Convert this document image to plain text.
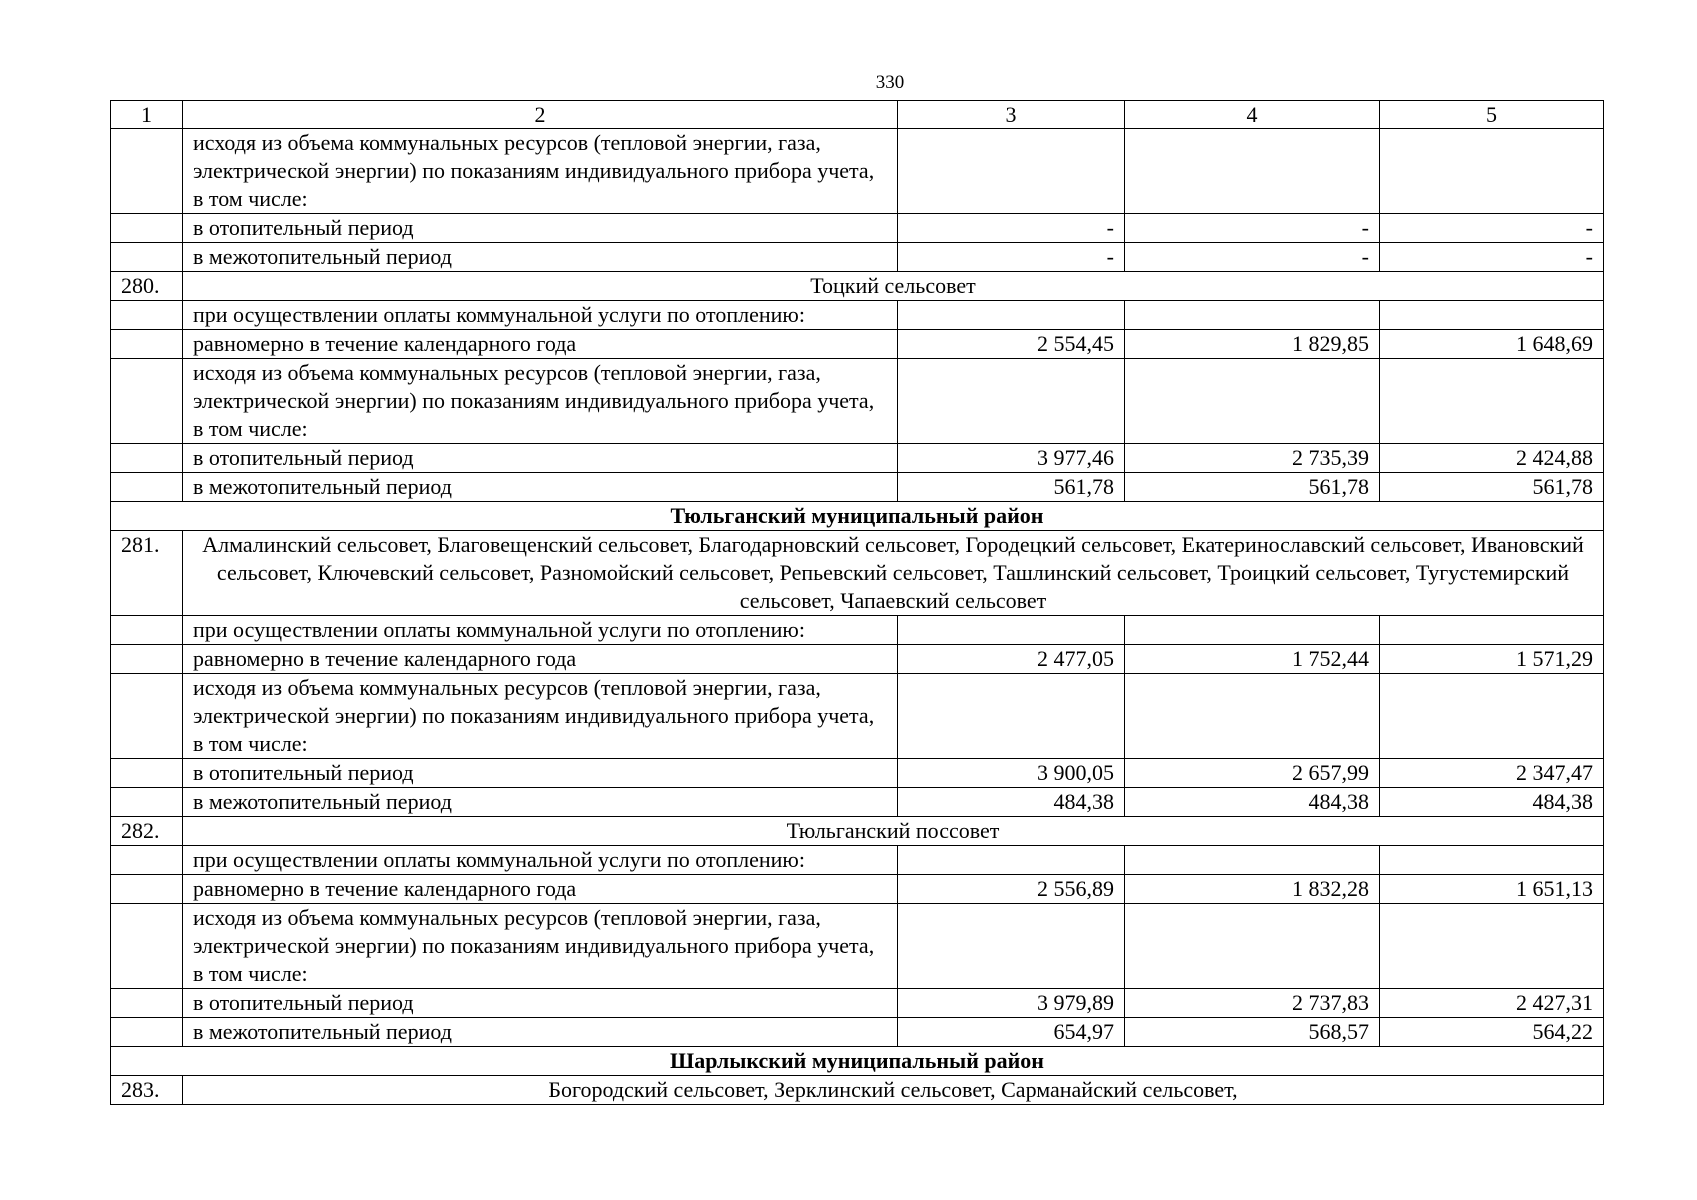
330
1	2	3	4	5
	исходя из объема коммунальных ресурсов (тепловой энергии, газа, электрической энергии) по показаниям индивидуального прибора учета, в том числе:			
	в отопительный период	-	-	-
	в межотопительный период	-	-	-
280.	Тоцкий сельсовет			
	при осуществлении оплаты коммунальной услуги по отоплению:			
	равномерно в течение календарного года	2 554,45	1 829,85	1 648,69
	исходя из объема коммунальных ресурсов (тепловой энергии, газа, электрической энергии) по показаниям индивидуального прибора учета, в том числе:			
	в отопительный период	3 977,46	2 735,39	2 424,88
	в межотопительный период	561,78	561,78	561,78
Тюльганский муниципальный район				
281.	Алмалинский сельсовет, Благовещенский сельсовет, Благодарновский сельсовет, Городецкий сельсовет, Екатеринославский сельсовет, Ивановский сельсовет, Ключевский сельсовет, Разномойский сельсовет, Репьевский сельсовет, Ташлинский сельсовет, Троицкий сельсовет, Тугустемирский сельсовет, Чапаевский сельсовет			
	при осуществлении оплаты коммунальной услуги по отоплению:			
	равномерно в течение календарного года	2 477,05	1 752,44	1 571,29
	исходя из объема коммунальных ресурсов (тепловой энергии, газа, электрической энергии) по показаниям индивидуального прибора учета, в том числе:			
	в отопительный период	3 900,05	2 657,99	2 347,47
	в межотопительный период	484,38	484,38	484,38
282.	Тюльганский поссовет			
	при осуществлении оплаты коммунальной услуги по отоплению:			
	равномерно в течение календарного года	2 556,89	1 832,28	1 651,13
	исходя из объема коммунальных ресурсов (тепловой энергии, газа, электрической энергии) по показаниям индивидуального прибора учета, в том числе:			
	в отопительный период	3 979,89	2 737,83	2 427,31
	в межотопительный период	654,97	568,57	564,22
Шарлыкский муниципальный район				
283.	Богородский сельсовет, Зерклинский сельсовет, Сарманайский сельсовет,			
